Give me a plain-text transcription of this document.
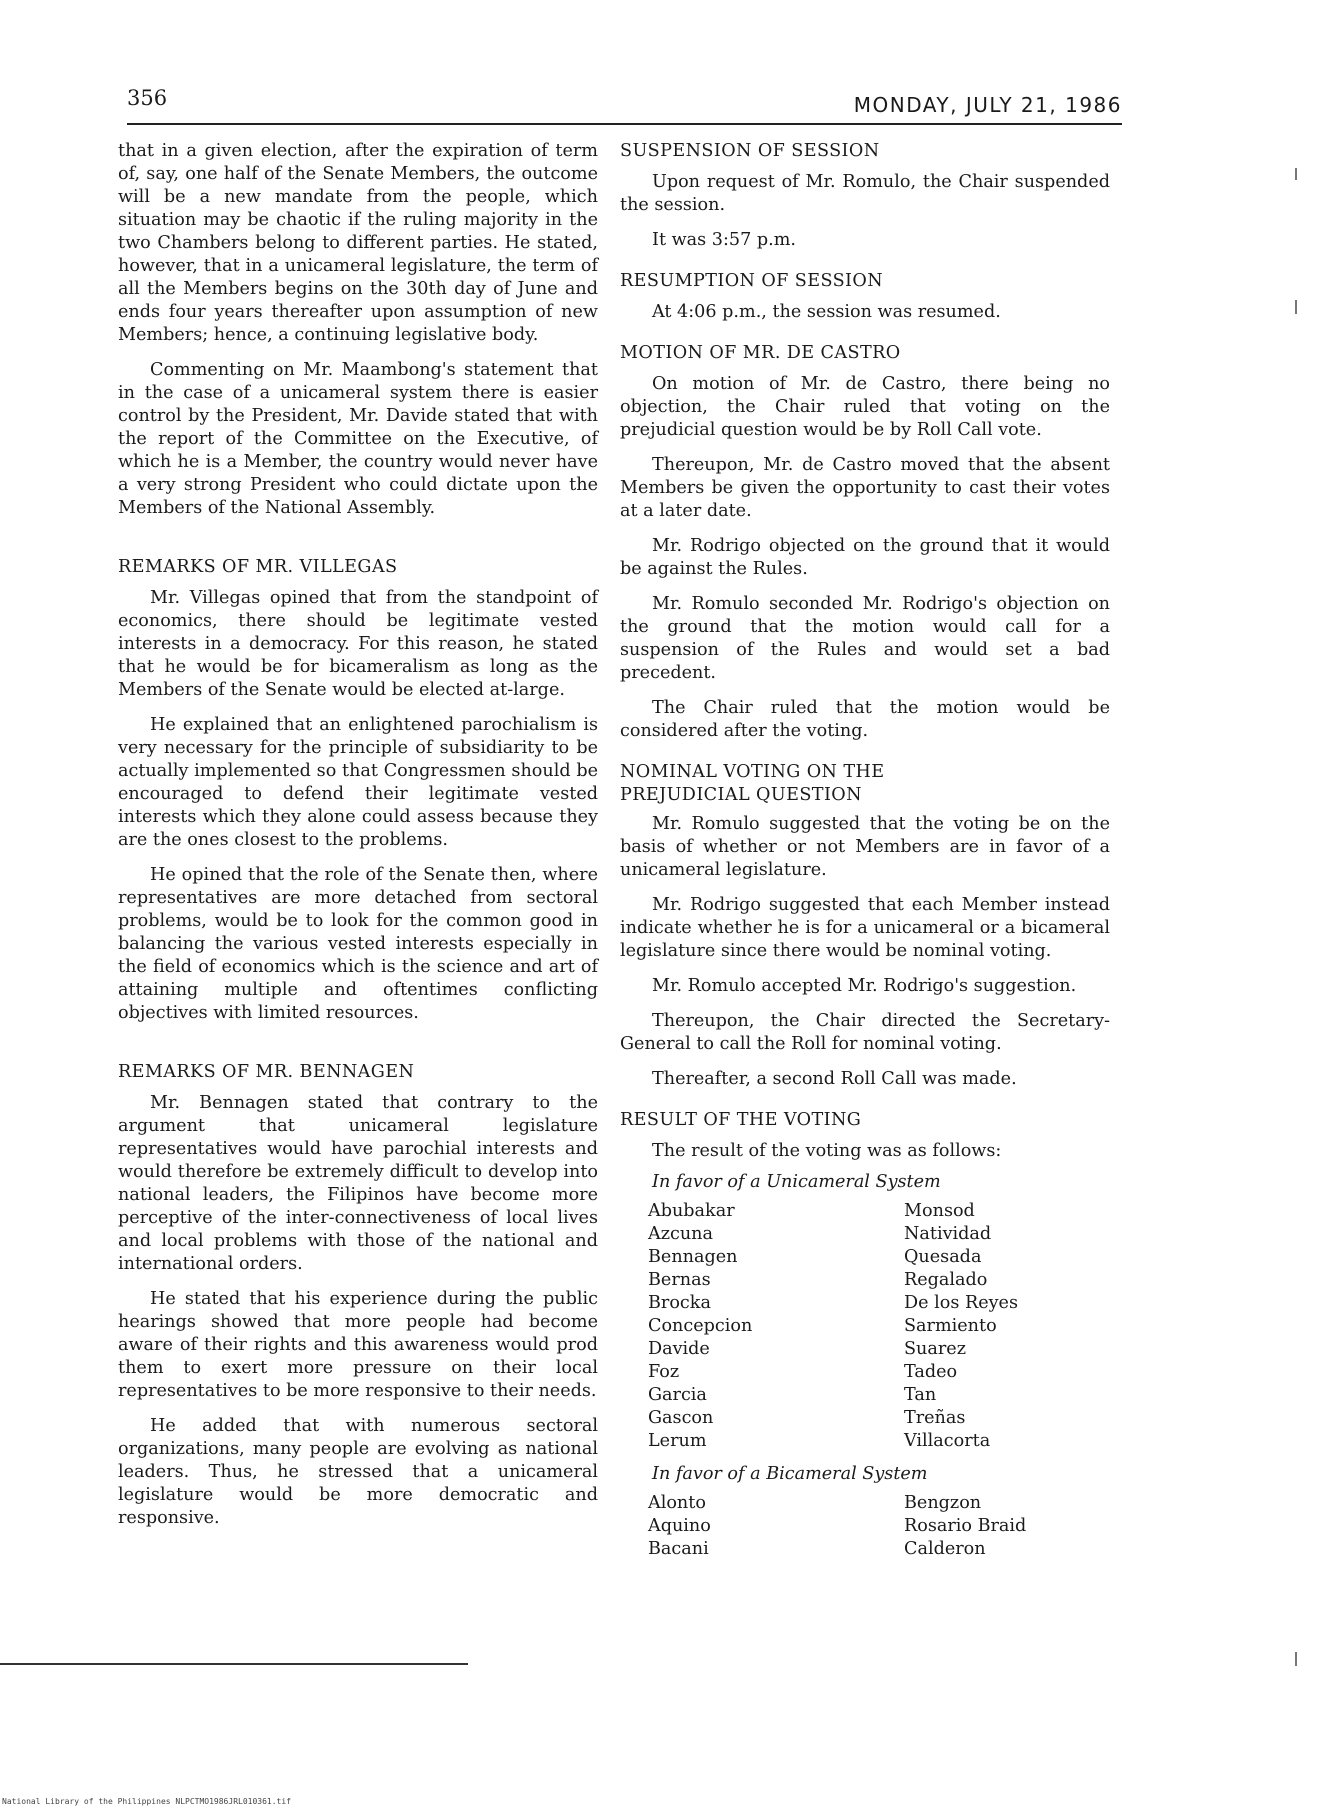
356	MONDAY, JULY 21, 1986

that in a given election, after the expiration of term of, say, one half of the Senate Members, the outcome will be a new mandate from the people, which situation may be chaotic if the ruling majority in the two Chambers belong to different parties. He stated, however, that in a unicameral legislature, the term of all the Members begins on the 30th day of June and ends four years thereafter upon assumption of new Members; hence, a continuing legislative body.

Commenting on Mr. Maambong's statement that in the case of a unicameral system there is easier control by the President, Mr. Davide stated that with the report of the Committee on the Executive, of which he is a Member, the country would never have a very strong President who could dictate upon the Members of the National Assembly.

REMARKS OF MR. VILLEGAS

Mr. Villegas opined that from the standpoint of economics, there should be legitimate vested interests in a democracy. For this reason, he stated that he would be for bicameralism as long as the Members of the Senate would be elected at-large.

He explained that an enlightened parochialism is very necessary for the principle of subsidiarity to be actually implemented so that Congressmen should be encouraged to defend their legitimate vested interests which they alone could assess because they are the ones closest to the problems.

He opined that the role of the Senate then, where representatives are more detached from sectoral problems, would be to look for the common good in balancing the various vested interests especially in the field of economics which is the science and art of attaining multiple and oftentimes conflicting objectives with limited resources.

REMARKS OF MR. BENNAGEN

Mr. Bennagen stated that contrary to the argument that unicameral legislature representatives would have parochial interests and would therefore be extremely difficult to develop into national leaders, the Filipinos have become more perceptive of the inter-connectiveness of local lives and local problems with those of the national and international orders.

He stated that his experience during the public hearings showed that more people had become aware of their rights and this awareness would prod them to exert more pressure on their local representatives to be more responsive to their needs.

He added that with numerous sectoral organizations, many people are evolving as national leaders. Thus, he stressed that a unicameral legislature would be more democratic and responsive.

SUSPENSION OF SESSION

Upon request of Mr. Romulo, the Chair suspended the session.

It was 3:57 p.m.

RESUMPTION OF SESSION

At 4:06 p.m., the session was resumed.

MOTION OF MR. DE CASTRO

On motion of Mr. de Castro, there being no objection, the Chair ruled that voting on the prejudicial question would be by Roll Call vote.

Thereupon, Mr. de Castro moved that the absent Members be given the opportunity to cast their votes at a later date.

Mr. Rodrigo objected on the ground that it would be against the Rules.

Mr. Romulo seconded Mr. Rodrigo's objection on the ground that the motion would call for a suspension of the Rules and would set a bad precedent.

The Chair ruled that the motion would be considered after the voting.

NOMINAL VOTING ON THE
PREJUDICIAL QUESTION

Mr. Romulo suggested that the voting be on the basis of whether or not Members are in favor of a unicameral legislature.

Mr. Rodrigo suggested that each Member instead indicate whether he is for a unicameral or a bicameral legislature since there would be nominal voting.

Mr. Romulo accepted Mr. Rodrigo's suggestion.

Thereupon, the Chair directed the Secretary-General to call the Roll for nominal voting.

Thereafter, a second Roll Call was made.

RESULT OF THE VOTING
The result of the voting was as follows:
In favor of a Unicameral System
Abubakar
Azcuna
Bennagen
Bernas
Brocka
Concepcion
Davide
Foz
Garcia
Gascon
Lerum
Monsod
Natividad
Quesada
Regalado
De los Reyes
Sarmiento
Suarez
Tadeo
Tan
Treñas
Villacorta
In favor of a Bicameral System
Alonto
Aquino
Bacani
Bengzon
Rosario Braid
Calderon
National Library of the Philippines NLPCTMO1986JRL010361.tif
